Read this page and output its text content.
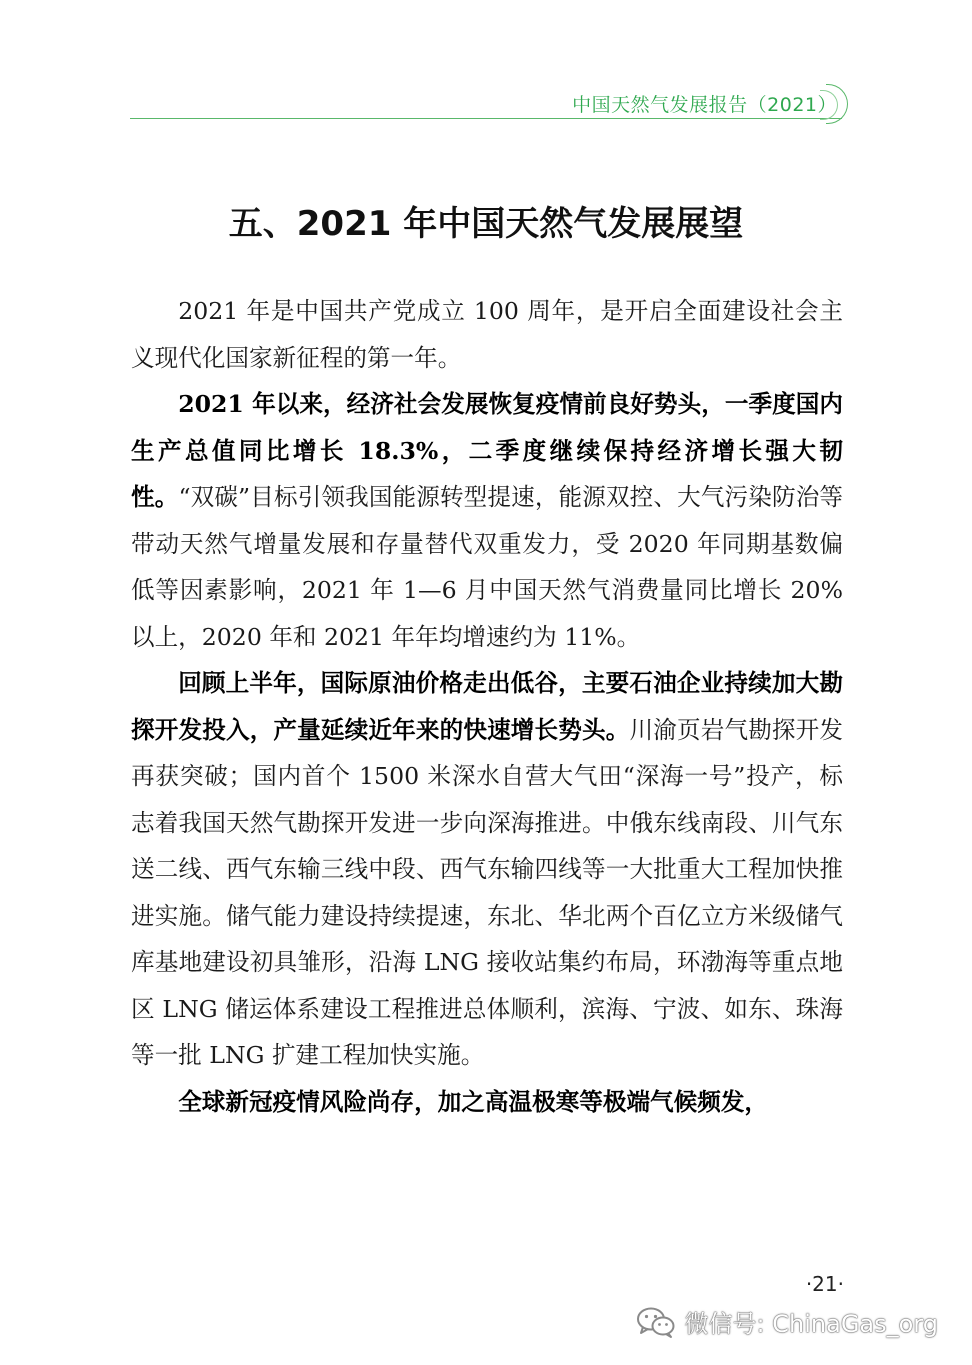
中国天然气发展报告（2021）
五、2021 年中国天然气发展展望

2021 年是中国共产党成立 100 周年，是开启全面建设社会主义现代化国家新征程的第一年。

2021 年以来，经济社会发展恢复疫情前良好势头，一季度国内生产总值同比增长 18.3%，二季度继续保持经济增长强大韧性。“双碳”目标引领我国能源转型提速，能源双控、大气污染防治等带动天然气增量发展和存量替代双重发力，受 2020 年同期基数偏低等因素影响，2021 年 1—6 月中国天然气消费量同比增长 20% 以上，2020 年和 2021 年年均增速约为 11%。

回顾上半年，国际原油价格走出低谷，主要石油企业持续加大勘探开发投入，产量延续近年来的快速增长势头。川渝页岩气勘探开发再获突破；国内首个 1500 米深水自营大气田“深海一号”投产，标志着我国天然气勘探开发进一步向深海推进。中俄东线南段、川气东送二线、西气东输三线中段、西气东输四线等一大批重大工程加快推进实施。储气能力建设持续提速，东北、华北两个百亿立方米级储气库基地建设初具雏形，沿海 LNG 接收站集约布局，环渤海等重点地区 LNG 储运体系建设工程推进总体顺利，滨海、宁波、如东、珠海等一批 LNG 扩建工程加快实施。

全球新冠疫情风险尚存，加之高温极寒等极端气候频发，

·21·
微信号: ChinaGas_org
